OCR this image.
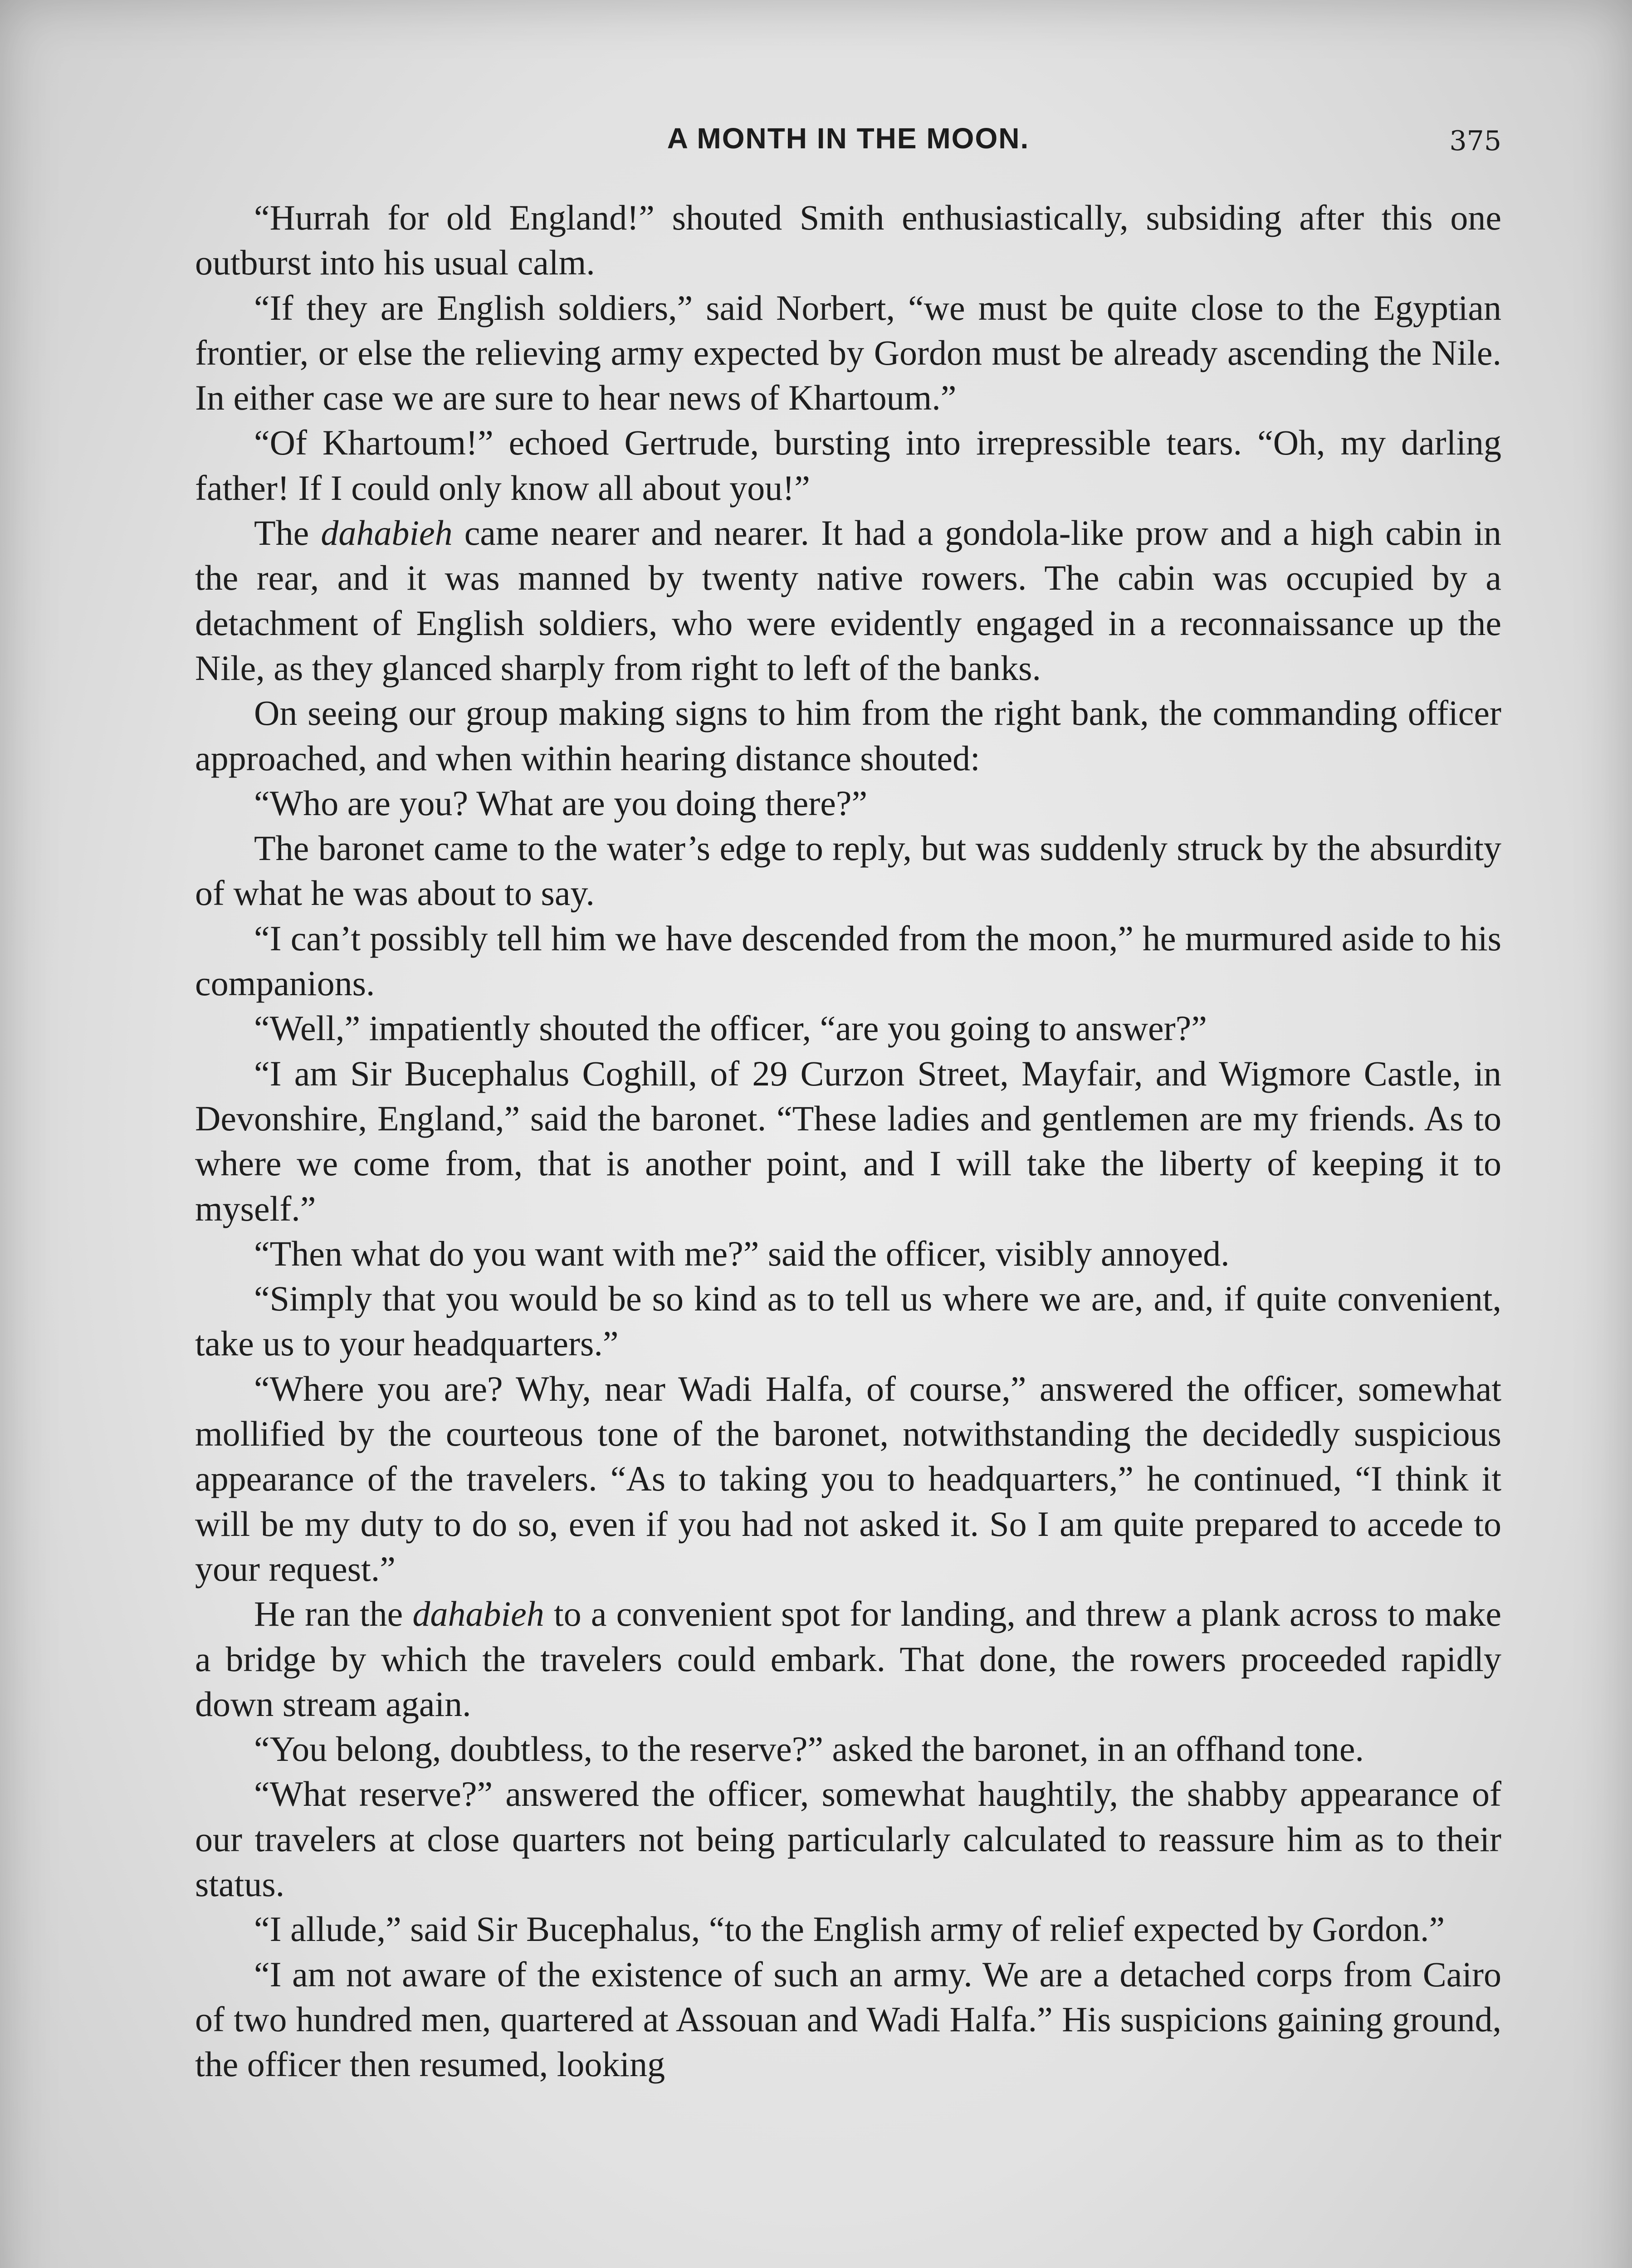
A MONTH IN THE MOON.	375

“Hurrah for old England!” shouted Smith enthusiastically, subsiding after this one outburst into his usual calm.

“If they are English soldiers,” said Norbert, “we must be quite close to the Egyptian frontier, or else the relieving army expected by Gordon must be already ascending the Nile. In either case we are sure to hear news of Khartoum.”

“Of Khartoum!” echoed Gertrude, bursting into irrepressible tears. “Oh, my darling father! If I could only know all about you!”

The dahabieh came nearer and nearer. It had a gondola-like prow and a high cabin in the rear, and it was manned by twenty native rowers. The cabin was occupied by a detachment of English soldiers, who were evidently engaged in a reconnaissance up the Nile, as they glanced sharply from right to left of the banks.

On seeing our group making signs to him from the right bank, the commanding officer approached, and when within hearing distance shouted:

“Who are you? What are you doing there?”

The baronet came to the water’s edge to reply, but was suddenly struck by the absurdity of what he was about to say.

“I can’t possibly tell him we have descended from the moon,” he murmured aside to his companions.

“Well,” impatiently shouted the officer, “are you going to answer?”

“I am Sir Bucephalus Coghill, of 29 Curzon Street, Mayfair, and Wigmore Castle, in Devonshire, England,” said the baronet. “These ladies and gentlemen are my friends. As to where we come from, that is another point, and I will take the liberty of keeping it to myself.”

“Then what do you want with me?” said the officer, visibly annoyed.

“Simply that you would be so kind as to tell us where we are, and, if quite convenient, take us to your headquarters.”

“Where you are? Why, near Wadi Halfa, of course,” answered the officer, somewhat mollified by the courteous tone of the baronet, notwithstanding the decidedly suspicious appearance of the travelers. “As to taking you to headquarters,” he continued, “I think it will be my duty to do so, even if you had not asked it. So I am quite prepared to accede to your request.”

He ran the dahabieh to a convenient spot for landing, and threw a plank across to make a bridge by which the travelers could embark. That done, the rowers proceeded rapidly down stream again.

“You belong, doubtless, to the reserve?” asked the baronet, in an offhand tone.

“What reserve?” answered the officer, somewhat haughtily, the shabby appearance of our travelers at close quarters not being particularly calculated to reassure him as to their status.

“I allude,” said Sir Bucephalus, “to the English army of relief expected by Gordon.”

“I am not aware of the existence of such an army. We are a detached corps from Cairo of two hundred men, quartered at Assouan and Wadi Halfa.” His suspicions gaining ground, the officer then resumed, looking
